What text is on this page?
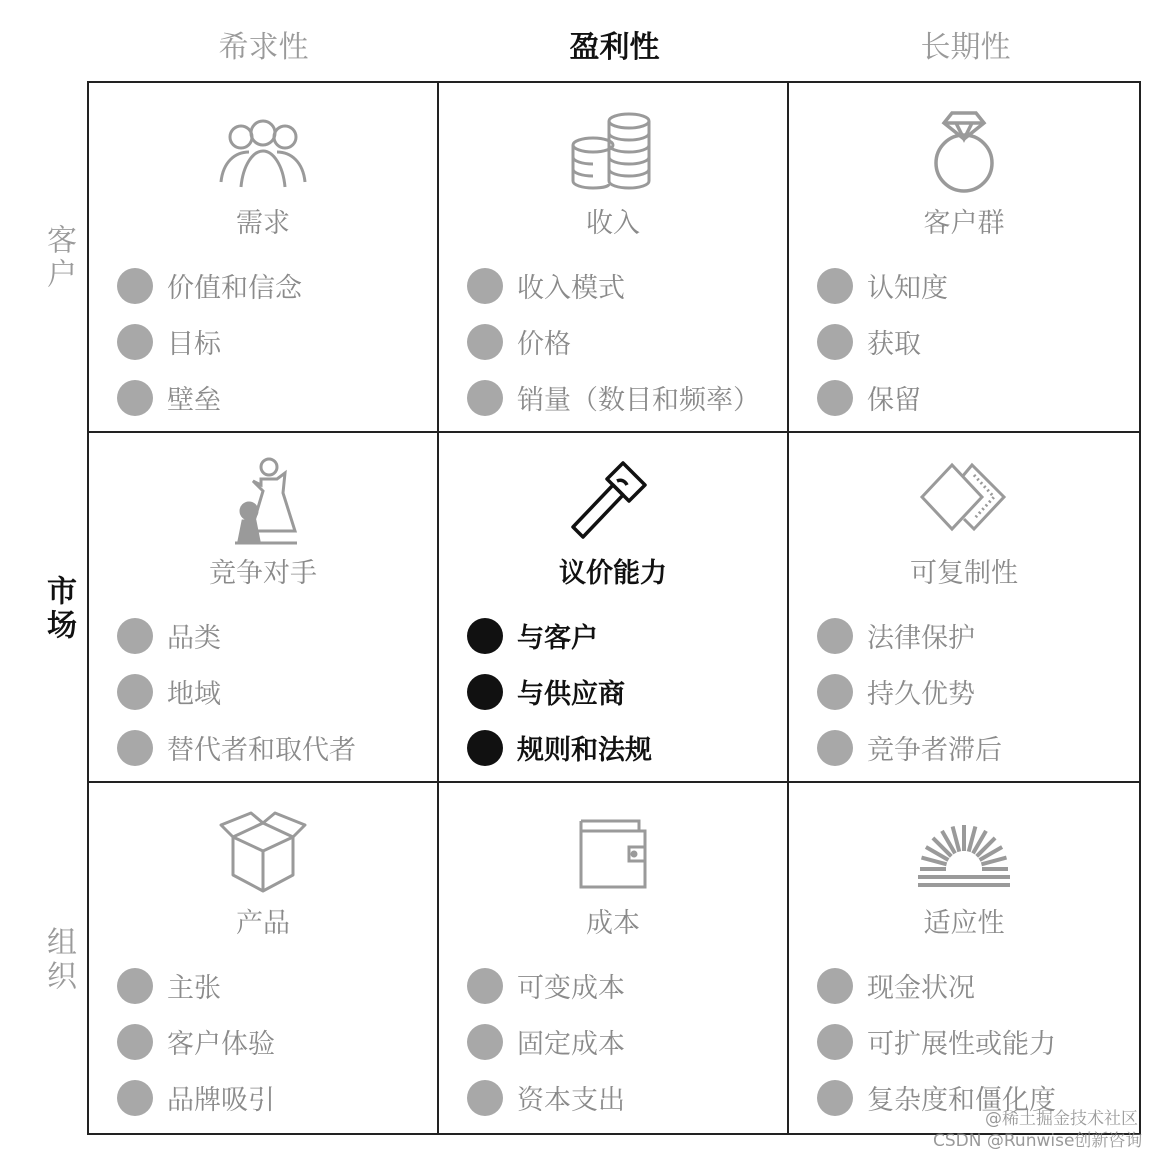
希求性	盈利性	长期性
客户
市场
组织
需求
价值和信念
目标
壁垒
收入
收入模式
价格
销量（数目和频率）
客户群
认知度
获取
保留
竞争对手
品类
地域
替代者和取代者
议价能力
与客户
与供应商
规则和法规
可复制性
法律保护
持久优势
竞争者滞后
产品
主张
客户体验
品牌吸引
成本
可变成本
固定成本
资本支出
适应性
现金状况
可扩展性或能力
复杂度和僵化度
@稀土掘金技术社区
CSDN @Runwise创新咨询
